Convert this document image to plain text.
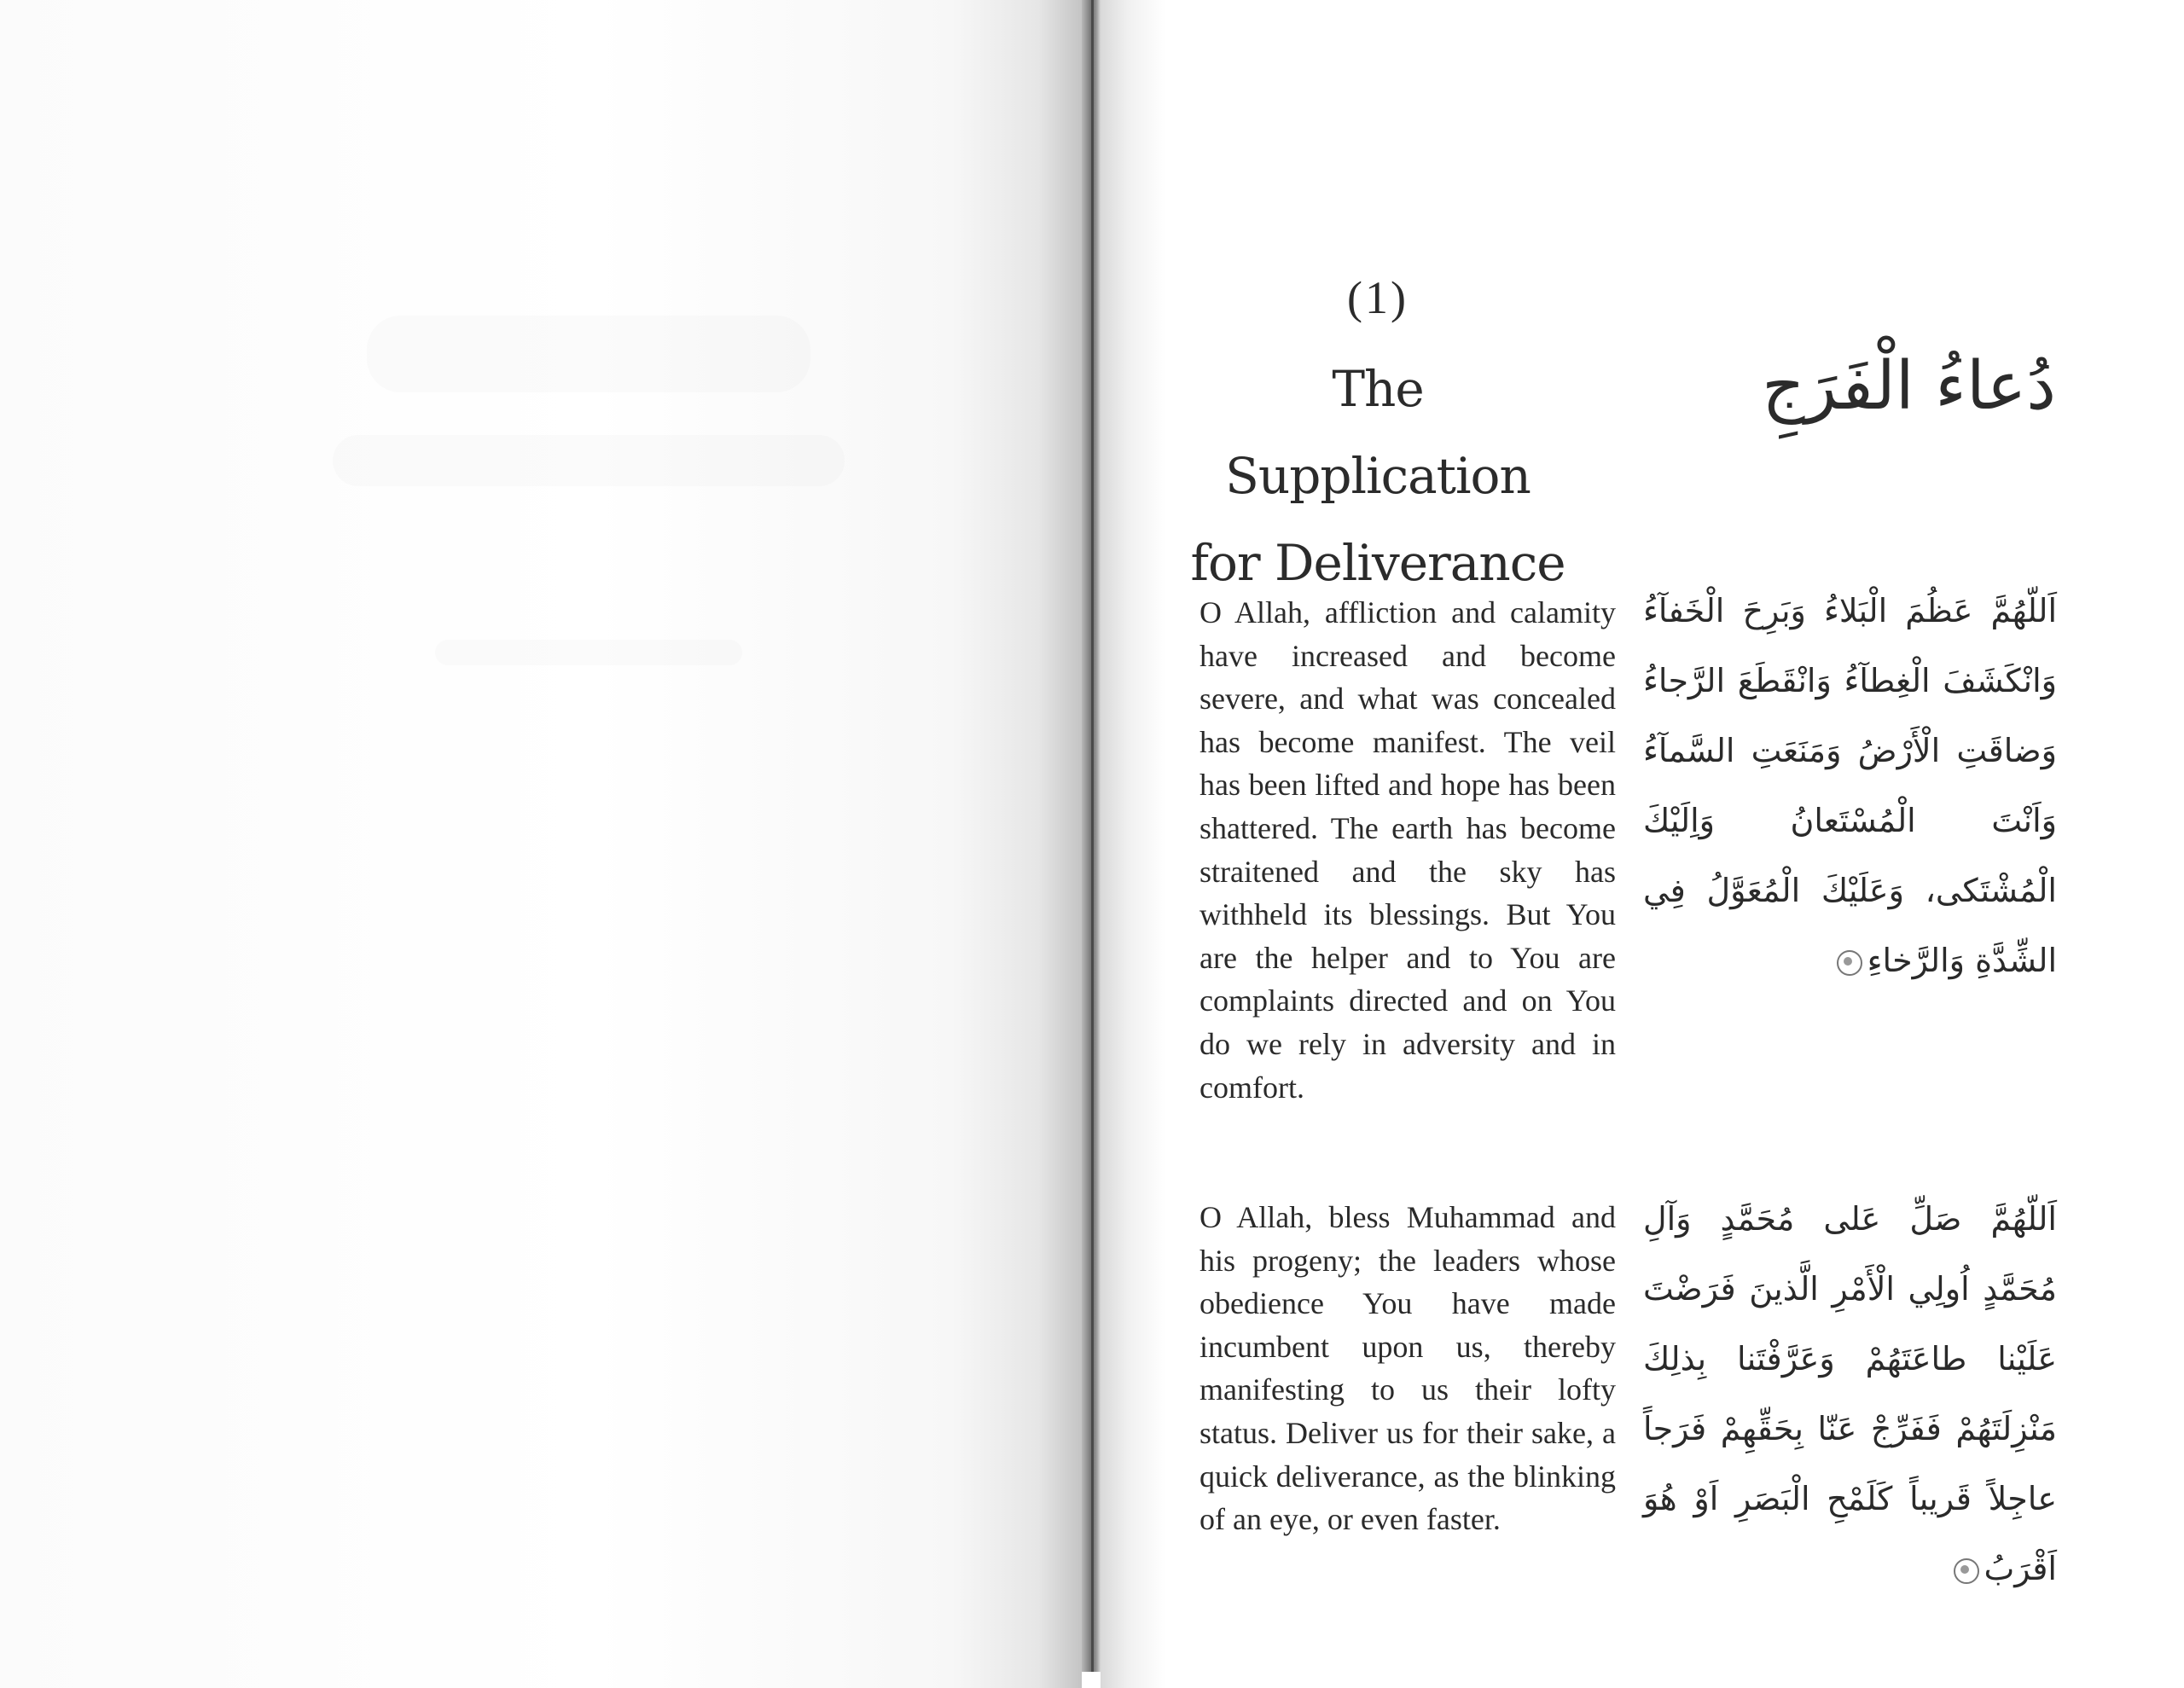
(1)
The Supplication
for Deliverance
دُعاءُ الْفَرَجِ

O Allah, affliction and calamity have increased and become severe, and what was concealed has become manifest. The veil has been lifted and hope has been shattered. The earth has become straitened and the sky has withheld its blessings. But You are the helper and to You are complaints directed and on You do we rely in adversity and in comfort.

اَللّهُمَّ عَظُمَ الْبَلاءُ وَبَرِحَ الْخَفآءُ وَانْكَشَفَ الْغِطآءُ وَانْقَطَعَ الرَّجاءُ وَضاقَتِ الْأَرْضُ وَمَنَعَتِ السَّمآءُ وَاَنْتَ الْمُسْتَعانُ وَاِلَيْكَ الْمُشْتَكى، وَعَلَيْكَ الْمُعَوَّلُ فِي الشِّدَّةِ وَالرَّخاءِ

O Allah, bless Muhammad and his progeny; the leaders whose obedience You have made incumbent upon us, thereby manifesting to us their lofty status. Deliver us for their sake, a quick deliverance, as the blinking of an eye, or even faster.

اَللّهُمَّ صَلِّ عَلى مُحَمَّدٍ وَآلِ مُحَمَّدٍ اُولِي الْأَمْرِ الَّذينَ فَرَضْتَ عَلَيْنا طاعَتَهُمْ وَعَرَّفْتَنا بِذلِكَ مَنْزِلَتَهُمْ فَفَرِّجْ عَنّا بِحَقِّهِمْ فَرَجاً عاجِلاً قَريباً كَلَمْحِ الْبَصَرِ اَوْ هُوَ اَقْرَبُ
